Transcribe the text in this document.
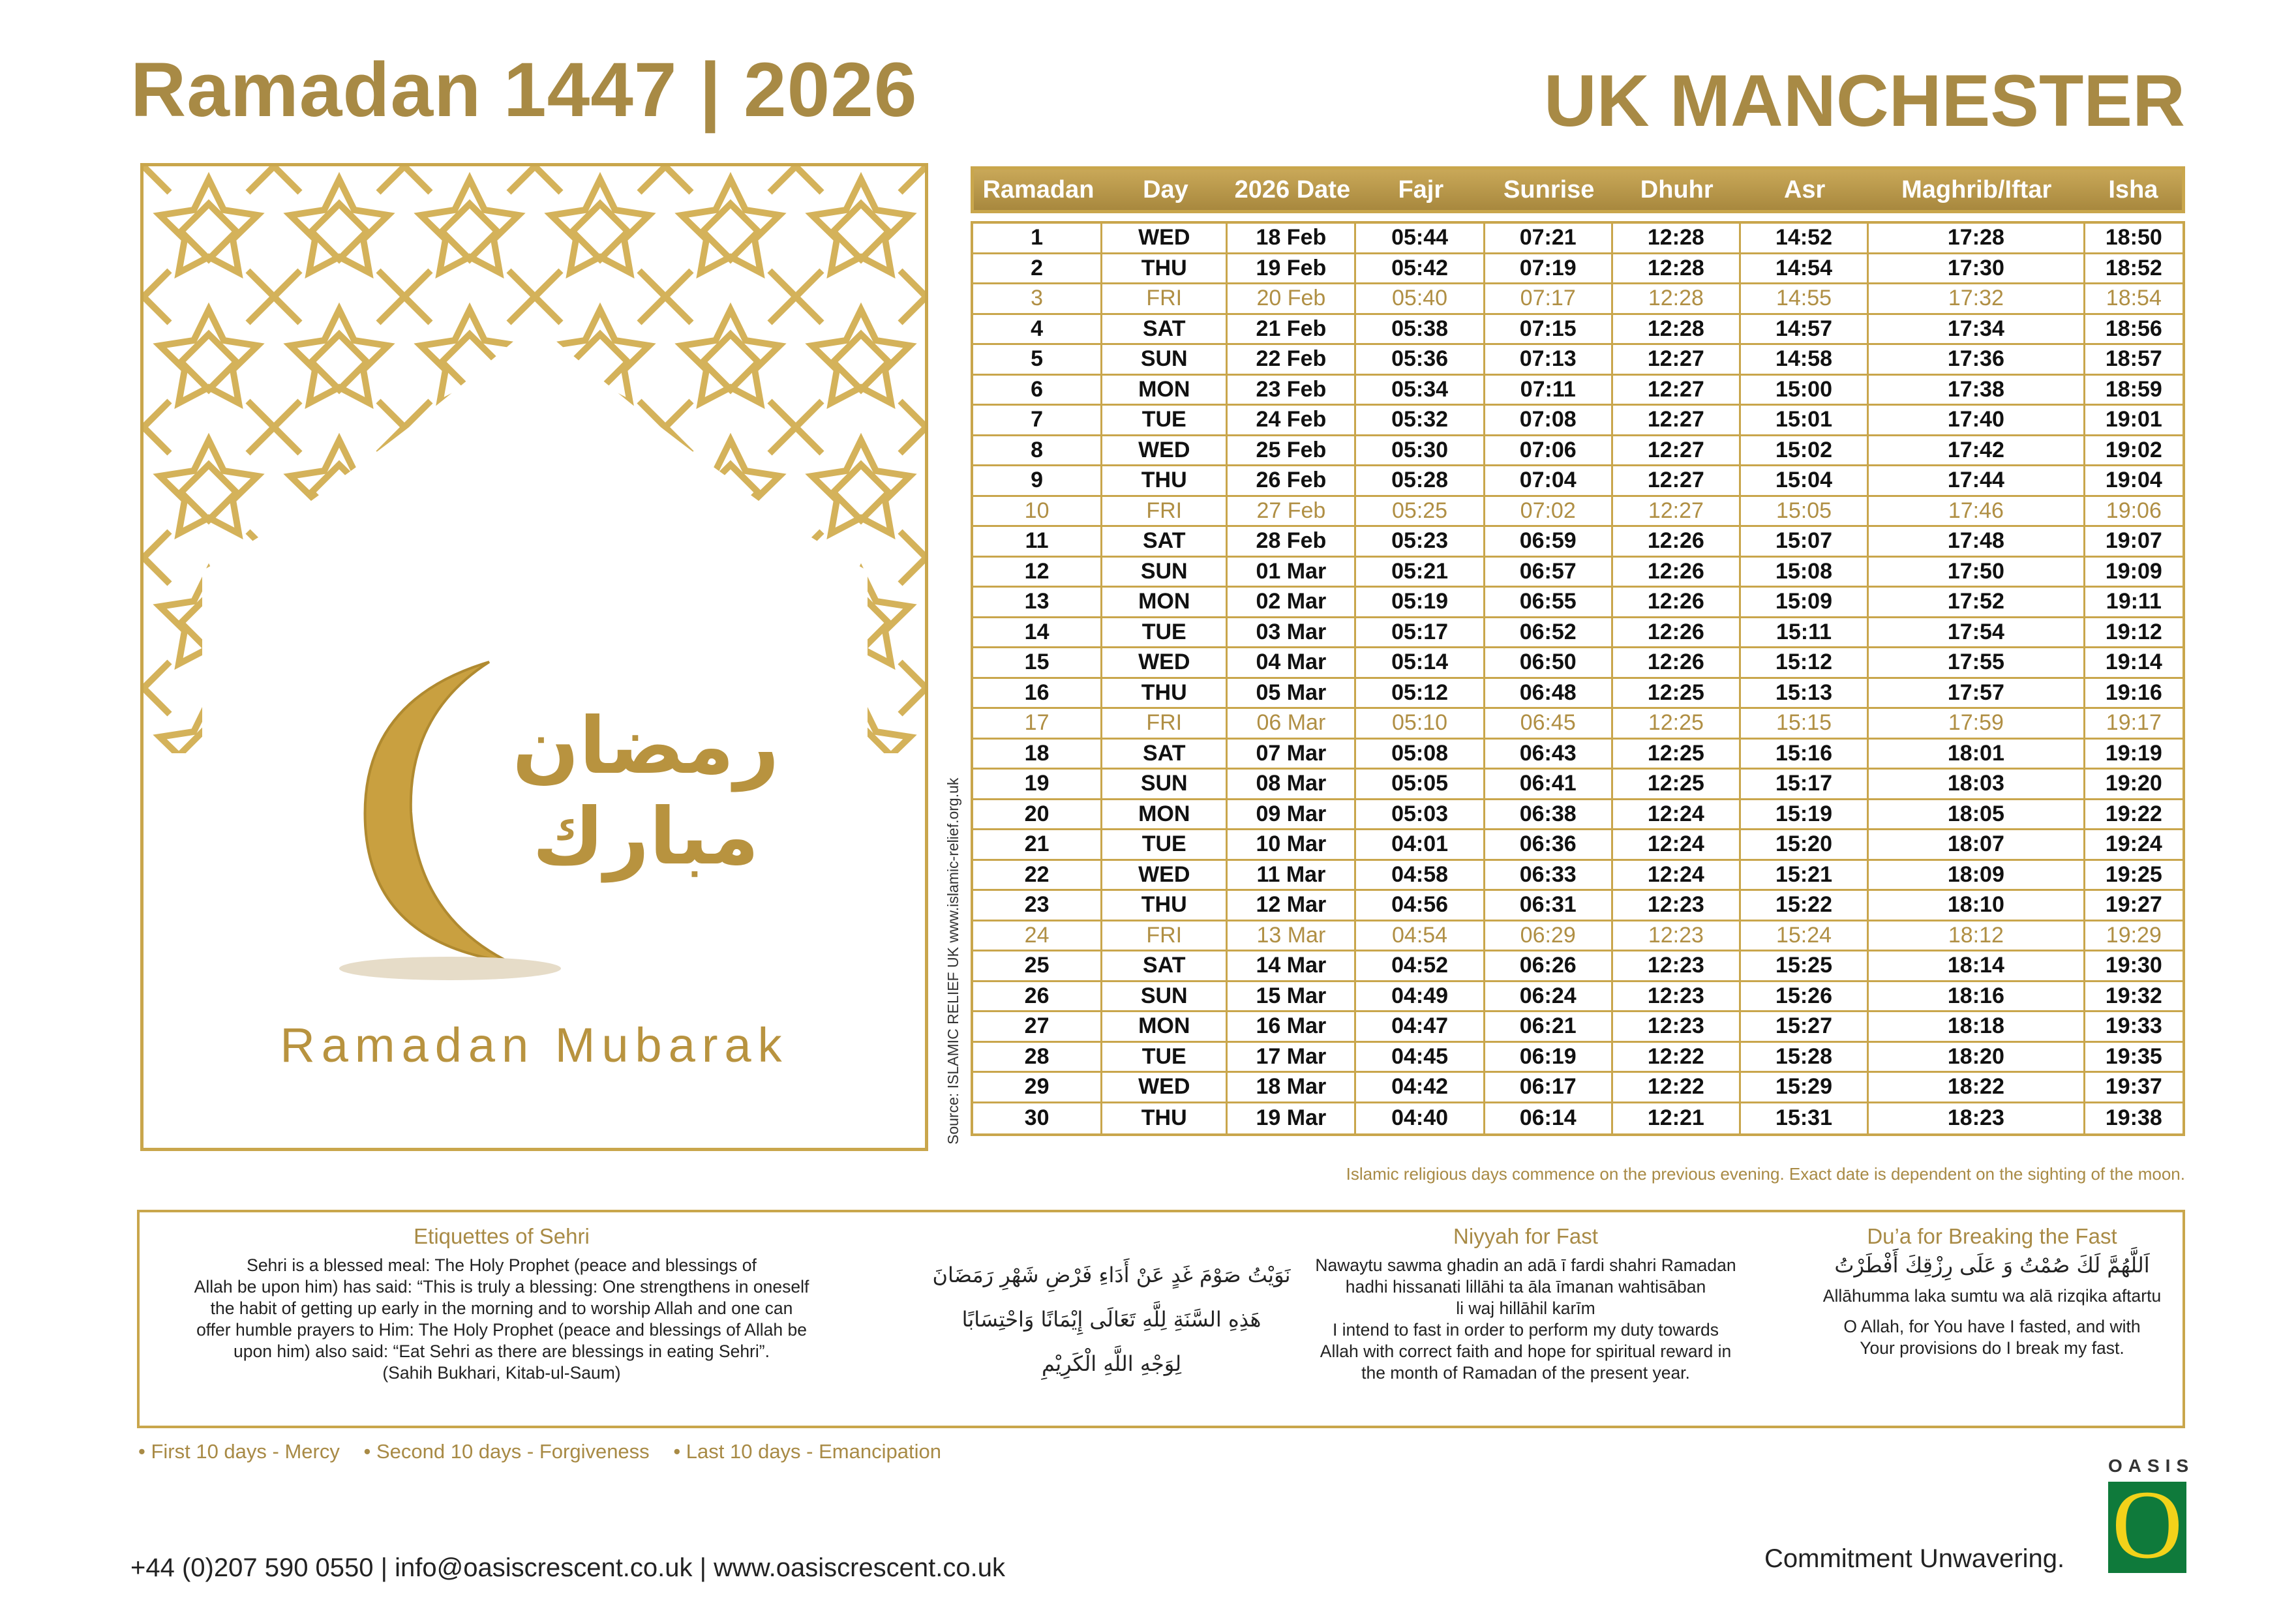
Ramadan 1447 | 2026	UK MANCHESTER
رمضان مبارك
Ramadan Mubarak	Source: ISLAMIC RELIEF UK www.islamic-relief.org.uk
Ramadan	Day	2026 Date	Fajr	Sunrise	Dhuhr	Asr	Maghrib/Iftar	Isha
1	WED	18 Feb	05:44	07:21	12:28	14:52	17:28	18:50
2	THU	19 Feb	05:42	07:19	12:28	14:54	17:30	18:52
3	FRI	20 Feb	05:40	07:17	12:28	14:55	17:32	18:54
4	SAT	21 Feb	05:38	07:15	12:28	14:57	17:34	18:56
5	SUN	22 Feb	05:36	07:13	12:27	14:58	17:36	18:57
6	MON	23 Feb	05:34	07:11	12:27	15:00	17:38	18:59
7	TUE	24 Feb	05:32	07:08	12:27	15:01	17:40	19:01
8	WED	25 Feb	05:30	07:06	12:27	15:02	17:42	19:02
9	THU	26 Feb	05:28	07:04	12:27	15:04	17:44	19:04
10	FRI	27 Feb	05:25	07:02	12:27	15:05	17:46	19:06
11	SAT	28 Feb	05:23	06:59	12:26	15:07	17:48	19:07
12	SUN	01 Mar	05:21	06:57	12:26	15:08	17:50	19:09
13	MON	02 Mar	05:19	06:55	12:26	15:09	17:52	19:11
14	TUE	03 Mar	05:17	06:52	12:26	15:11	17:54	19:12
15	WED	04 Mar	05:14	06:50	12:26	15:12	17:55	19:14
16	THU	05 Mar	05:12	06:48	12:25	15:13	17:57	19:16
17	FRI	06 Mar	05:10	06:45	12:25	15:15	17:59	19:17
18	SAT	07 Mar	05:08	06:43	12:25	15:16	18:01	19:19
19	SUN	08 Mar	05:05	06:41	12:25	15:17	18:03	19:20
20	MON	09 Mar	05:03	06:38	12:24	15:19	18:05	19:22
21	TUE	10 Mar	04:01	06:36	12:24	15:20	18:07	19:24
22	WED	11 Mar	04:58	06:33	12:24	15:21	18:09	19:25
23	THU	12 Mar	04:56	06:31	12:23	15:22	18:10	19:27
24	FRI	13 Mar	04:54	06:29	12:23	15:24	18:12	19:29
25	SAT	14 Mar	04:52	06:26	12:23	15:25	18:14	19:30
26	SUN	15 Mar	04:49	06:24	12:23	15:26	18:16	19:32
27	MON	16 Mar	04:47	06:21	12:23	15:27	18:18	19:33
28	TUE	17 Mar	04:45	06:19	12:22	15:28	18:20	19:35
29	WED	18 Mar	04:42	06:17	12:22	15:29	18:22	19:37
30	THU	19 Mar	04:40	06:14	12:21	15:31	18:23	19:38
Islamic religious days commence on the previous evening. Exact date is dependent on the sighting of the moon.
Etiquettes of Sehri

Sehri is a blessed meal: The Holy Prophet (peace and blessings of

Allah be upon him) has said: “This is truly a blessing: One strengthens in oneself

the habit of getting up early in the morning and to worship Allah and one can

offer humble prayers to Him: The Holy Prophet (peace and blessings of Allah be

upon him) also said: “Eat Sehri as there are blessings in eating Sehri”.

(Sahih Bukhari, Kitab-ul-Saum)

نَوَيْتُ صَوْمَ غَدٍ عَنْ أَدَاءِ فَرْضِ شَهْرِ رَمَضَانَ

هَذِهِ السَّنَةِ لِلَّهِ تَعَالَى إِيْمَانًا وَاحْتِسَابًا

لِوَجْهِ اللَّهِ الْكَرِيْمِ

Niyyah for Fast

Nawaytu sawma ghadin an adā ī fardi shahri Ramadan

hadhi hissanati lillāhi ta āla īmanan wahtisāban

li waj hillāhil karīm

I intend to fast in order to perform my duty towards

Allah with correct faith and hope for spiritual reward in

the month of Ramadan of the present year.

Du’a for Breaking the Fast

اَللَّهُمَّ لَكَ صُمْتُ وَ عَلَى رِزْقِكَ أَفْطَرْتُ

Allāhumma laka sumtu wa alā rizqika aftartu

O Allah, for You have I fasted, and with

Your provisions do I break my fast.

• First 10 days - Mercy • Second 10 days - Forgiveness • Last 10 days - Emancipation
+44 (0)207 590 0550 | info@oasiscrescent.co.uk | www.oasiscrescent.co.uk	Commitment Unwavering.
OASIS
O
